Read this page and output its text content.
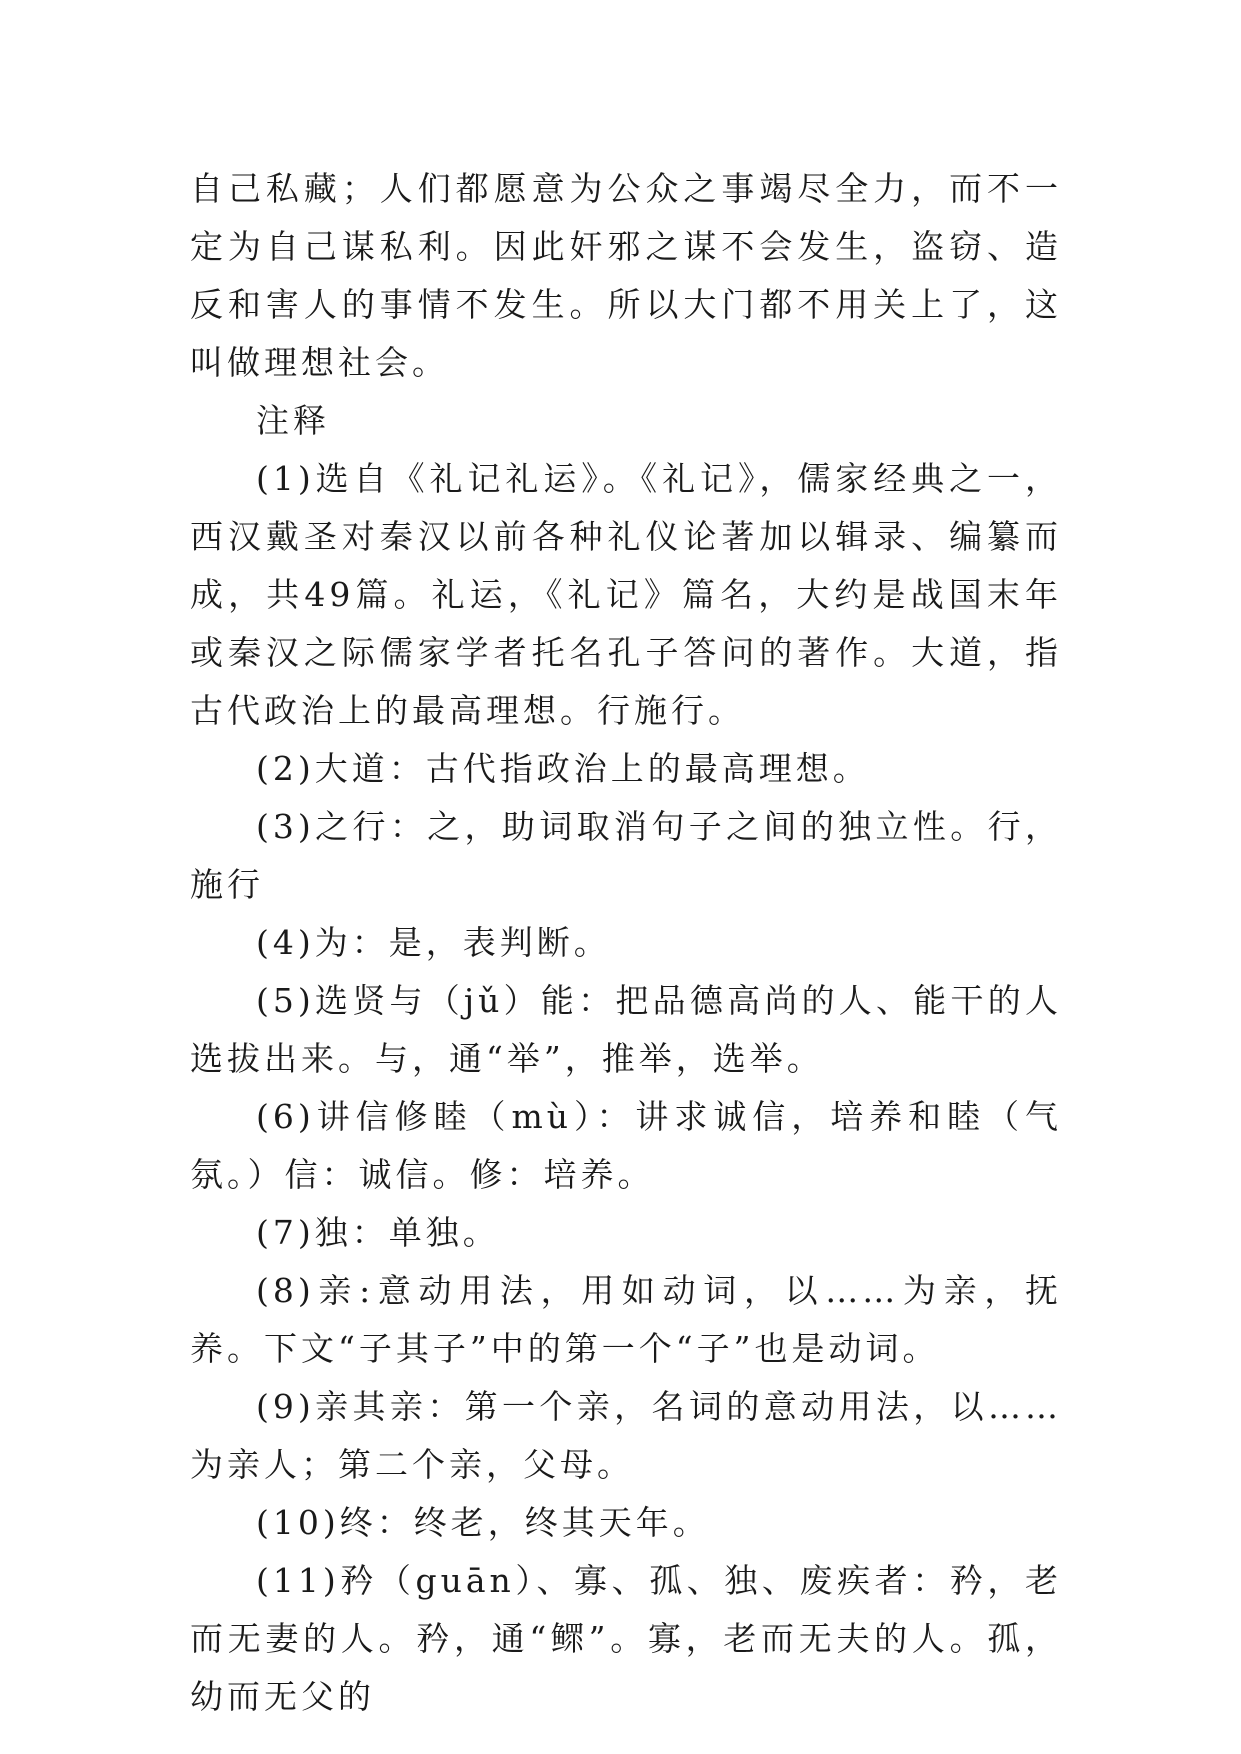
自己私藏；人们都愿意为公众之事竭尽全力，而不一定为自己谋私利。因此奸邪之谋不会发生，盗窃、造反和害人的事情不发生。所以大门都不用关上了，这叫做理想社会。

注释

(1)选自《礼记礼运》。《礼记》，儒家经典之一，西汉戴圣对秦汉以前各种礼仪论著加以辑录、编纂而成，共49篇。礼运，《礼记》篇名，大约是战国末年或秦汉之际儒家学者托名孔子答问的著作。大道，指古代政治上的最高理想。行施行。

(2)大道：古代指政治上的最高理想。

(3)之行：之，助词取消句子之间的独立性。行，施行

(4)为：是，表判断。

(5)选贤与（jǔ）能：把品德高尚的人、能干的人选拔出来。与，通“举”，推举，选举。

(6)讲信修睦（mù）：讲求诚信，培养和睦（气氛。）信：诚信。修：培养。

(7)独：单独。

(8)亲:意动用法，用如动词，以……为亲，抚养。下文“子其子”中的第一个“子”也是动词。

(9)亲其亲：第一个亲，名词的意动用法，以……为亲人；第二个亲，父母。

(10)终：终老，终其天年。

(11)矜（guān）、寡、孤、独、废疾者：矜，老而无妻的人。矜，通“鳏”。寡，老而无夫的人。孤，幼而无父的
